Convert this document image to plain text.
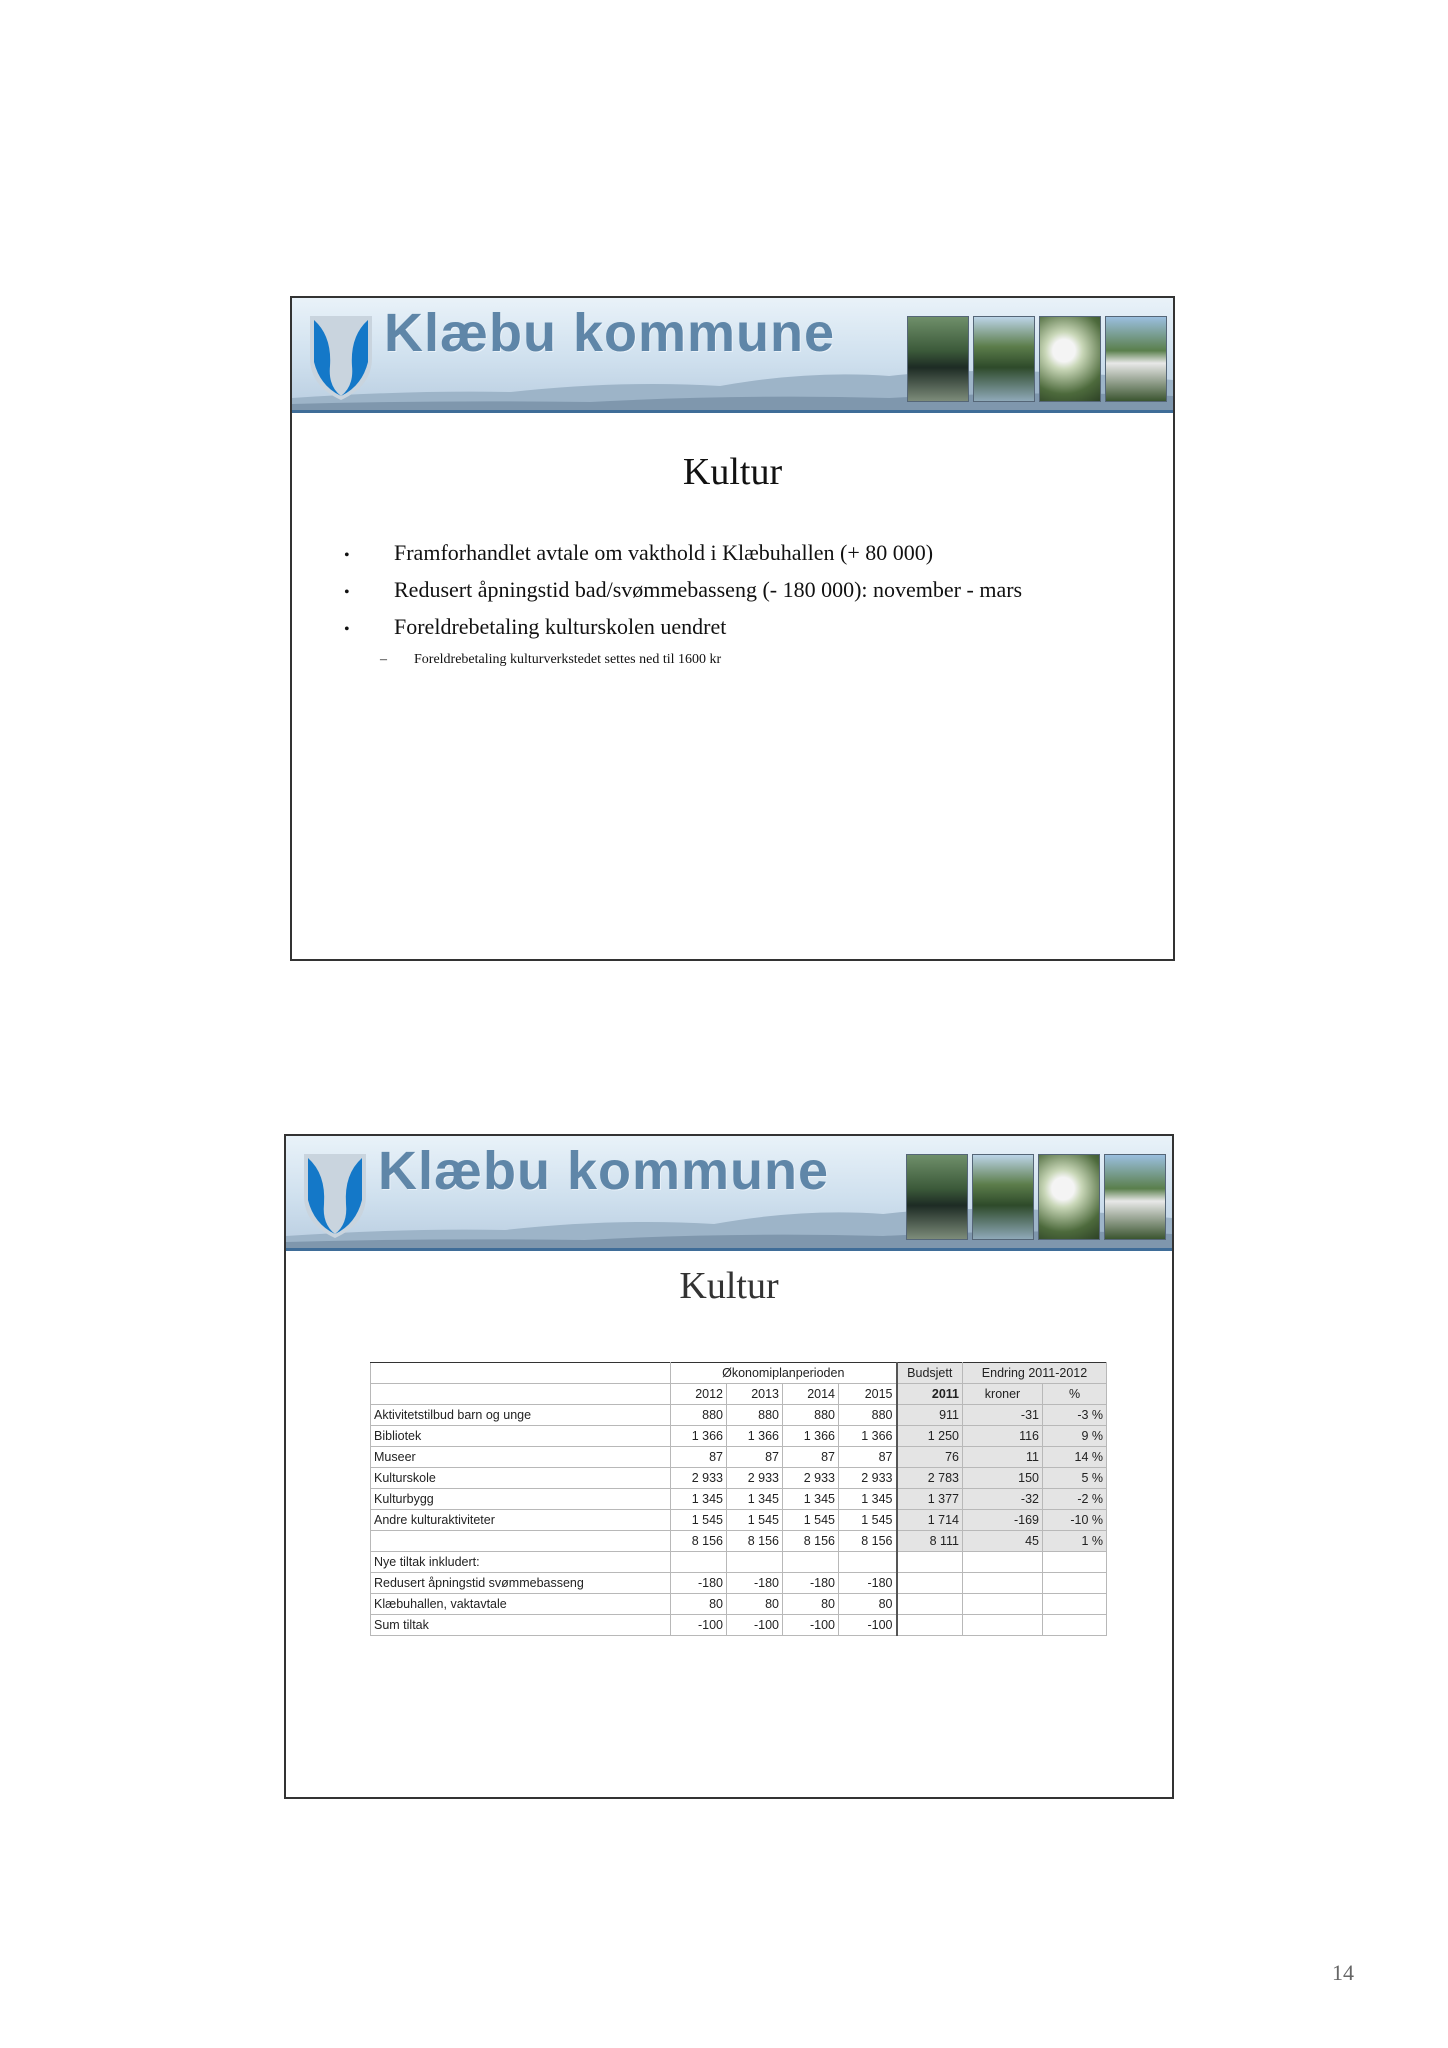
Klæbu kommune
Kultur
•	Framforhandlet avtale om vakthold i Klæbuhallen (+ 80 000)
•	Redusert åpningstid bad/svømmebasseng (- 180 000): november - mars
•	Foreldrebetaling kulturskolen uendret
–	Foreldrebetaling kulturverkstedet settes ned til 1600 kr
Klæbu kommune
Kultur
	Økonomiplanperioden				Budsjett	Endring 2011-2012	
	2012	2013	2014	2015	2011	kroner	%
Aktivitetstilbud barn og unge	880	880	880	880	911	-31	-3 %
Bibliotek	1 366	1 366	1 366	1 366	1 250	116	9 %
Museer	87	87	87	87	76	11	14 %
Kulturskole	2 933	2 933	2 933	2 933	2 783	150	5 %
Kulturbygg	1 345	1 345	1 345	1 345	1 377	-32	-2 %
Andre kulturaktiviteter	1 545	1 545	1 545	1 545	1 714	-169	-10 %
	8 156	8 156	8 156	8 156	8 111	45	1 %
Nye tiltak inkludert:							
Redusert åpningstid svømmebasseng	-180	-180	-180	-180			
Klæbuhallen, vaktavtale	80	80	80	80			
Sum tiltak	-100	-100	-100	-100			
14
